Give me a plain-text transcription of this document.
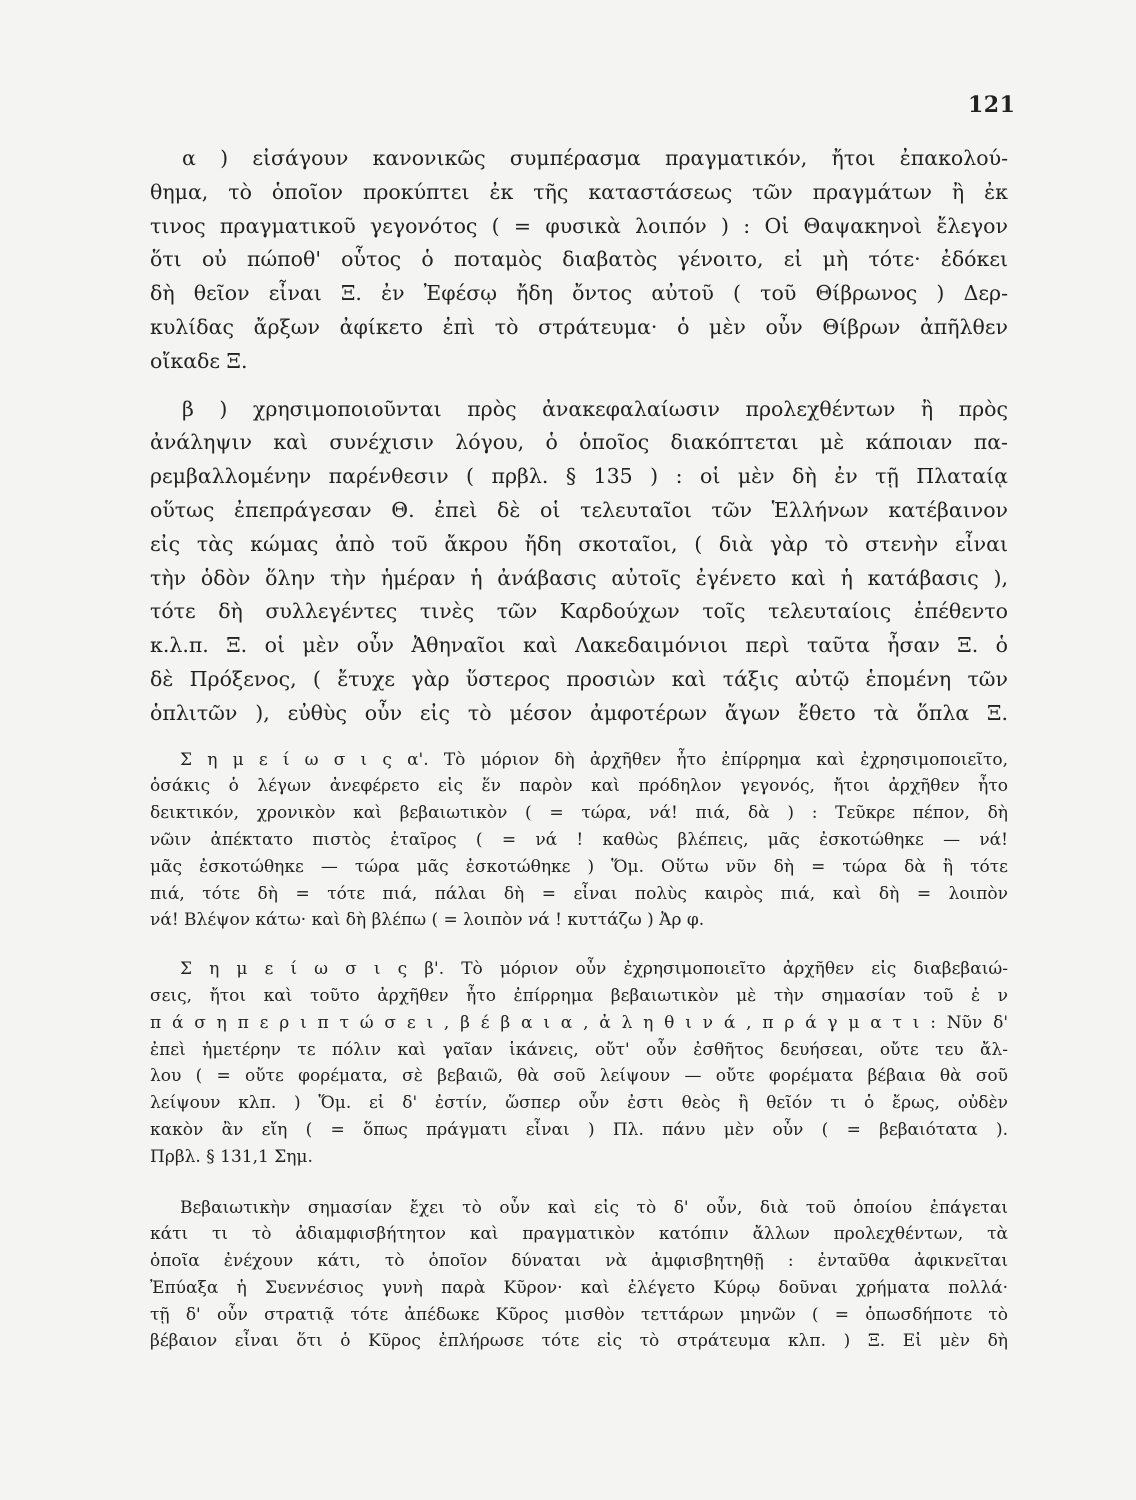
121
α ) εἰσάγουν κανονικῶς συμπέρασμα πραγματικόν, ἤτοι ἐπακολού-
θημα, τὸ ὁποῖον προκύπτει ἐκ τῆς καταστάσεως τῶν πραγμάτων ἢ ἐκ
τινος πραγματικοῦ γεγονότος ( = φυσικὰ λοιπόν ) : Οἱ Θαψακηνοὶ ἔλεγον
ὅτι οὐ πώποθ' οὗτος ὁ ποταμὸς διαβατὸς γένοιτο, εἰ μὴ τότε· ἐδόκει
δὴ θεῖον εἶναι Ξ. ἐν Ἐφέσῳ ἤδη ὄντος αὐτοῦ ( τοῦ Θίβρωνος ) Δερ-
κυλίδας ἄρξων ἀφίκετο ἐπὶ τὸ στράτευμα· ὁ μὲν οὖν Θίβρων ἀπῆλθεν
οἴκαδε Ξ.
β ) χρησιμοποιοῦνται πρὸς ἀνακεφαλαίωσιν προλεχθέντων ἢ πρὸς
ἀνάληψιν καὶ συνέχισιν λόγου, ὁ ὁποῖος διακόπτεται μὲ κάποιαν πα-
ρεμβαλλομένην παρένθεσιν ( πρβλ. § 135 ) : οἱ μὲν δὴ ἐν τῇ Πλαταίᾳ
οὕτως ἐπεπράγεσαν Θ. ἐπεὶ δὲ οἱ τελευταῖοι τῶν Ἑλλήνων κατέβαινον
εἰς τὰς κώμας ἀπὸ τοῦ ἄκρου ἤδη σκοταῖοι, ( διὰ γὰρ τὸ στενὴν εἶναι
τὴν ὁδὸν ὅλην τὴν ἡμέραν ἡ ἀνάβασις αὐτοῖς ἐγένετο καὶ ἡ κατάβασις ),
τότε δὴ συλλεγέντες τινὲς τῶν Καρδούχων τοῖς τελευταίοις ἐπέθεντο
κ.λ.π. Ξ. οἱ μὲν οὖν Ἀθηναῖοι καὶ Λακεδαιμόνιοι περὶ ταῦτα ἦσαν Ξ. ὁ
δὲ Πρόξενος, ( ἔτυχε γὰρ ὕστερος προσιὼν καὶ τάξις αὐτῷ ἑπομένη τῶν
ὁπλιτῶν ), εὐθὺς οὖν εἰς τὸ μέσον ἀμφοτέρων ἄγων ἔθετο τὰ ὅπλα Ξ.
Σ η μ ε ί ω σ ι ς α'. Τὸ μόριον δὴ ἀρχῆθεν ἦτο ἐπίρρημα καὶ ἐχρησιμοποιεῖτο,
ὁσάκις ὁ λέγων ἀνεφέρετο εἰς ἕν παρὸν καὶ πρόδηλον γεγονός, ἤτοι ἀρχῆθεν ἦτο
δεικτικόν, χρονικὸν καὶ βεβαιωτικὸν ( = τώρα, νά! πιά, δὰ ) : Τεῦκρε πέπον, δὴ
νῶιν ἀπέκτατο πιστὸς ἑταῖρος ( = νά ! καθὼς βλέπεις, μᾶς ἐσκοτώθηκε — νά!
μᾶς ἐσκοτώθηκε — τώρα μᾶς ἐσκοτώθηκε ) Ὅμ. Οὕτω νῦν δὴ = τώρα δὰ ἢ τότε
πιά, τότε δὴ = τότε πιά, πάλαι δὴ = εἶναι πολὺς καιρὸς πιά, καὶ δὴ = λοιπὸν
νά! Βλέψον κάτω· καὶ δὴ βλέπω ( = λοιπὸν νά ! κυττάζω ) Ἀρ φ.
Σ η μ ε ί ω σ ι ς β'. Τὸ μόριον οὖν ἐχρησιμοποιεῖτο ἀρχῆθεν εἰς διαβεβαιώ-
σεις, ἤτοι καὶ τοῦτο ἀρχῆθεν ἦτο ἐπίρρημα βεβαιωτικὸν μὲ τὴν σημασίαν τοῦ ἐ ν
π ά σ η π ε ρ ι π τ ώ σ ε ι , β έ β α ι α , ἀ λ η θ ι ν ά , π ρ ά γ μ α τ ι : Νῦν δ'
ἐπεὶ ἡμετέρην τε πόλιν καὶ γαῖαν ἱκάνεις, οὔτ' οὖν ἐσθῆτος δευήσεαι, οὔτε τευ ἄλ-
λου ( = οὔτε φορέματα, σὲ βεβαιῶ, θὰ σοῦ λείψουν — οὔτε φορέματα βέβαια θὰ σοῦ
λείψουν κλπ. ) Ὅμ. εἰ δ' ἐστίν, ὥσπερ οὖν ἐστι θεὸς ἢ θεῖόν τι ὁ ἔρως, οὐδὲν
κακὸν ἂν εἴη ( = ὅπως πράγματι εἶναι ) Πλ. πάνυ μὲν οὖν ( = βεβαιότατα ).
Πρβλ. § 131,1 Σημ.
Βεβαιωτικὴν σημασίαν ἔχει τὸ οὖν καὶ εἰς τὸ δ' οὖν, διὰ τοῦ ὁποίου ἐπάγεται
κάτι τι τὸ ἀδιαμφισβήτητον καὶ πραγματικὸν κατόπιν ἄλλων προλεχθέντων, τὰ
ὁποῖα ἐνέχουν κάτι, τὸ ὁποῖον δύναται νὰ ἀμφισβητηθῇ : ἐνταῦθα ἀφικνεῖται
Ἐπύαξα ἡ Συεννέσιος γυνὴ παρὰ Κῦρον· καὶ ἐλέγετο Κύρῳ δοῦναι χρήματα πολλά·
τῇ δ' οὖν στρατιᾷ τότε ἀπέδωκε Κῦρος μισθὸν τεττάρων μηνῶν ( = ὁπωσδήποτε τὸ
βέβαιον εἶναι ὅτι ὁ Κῦρος ἐπλήρωσε τότε εἰς τὸ στράτευμα κλπ. ) Ξ. Εἰ μὲν δὴ
